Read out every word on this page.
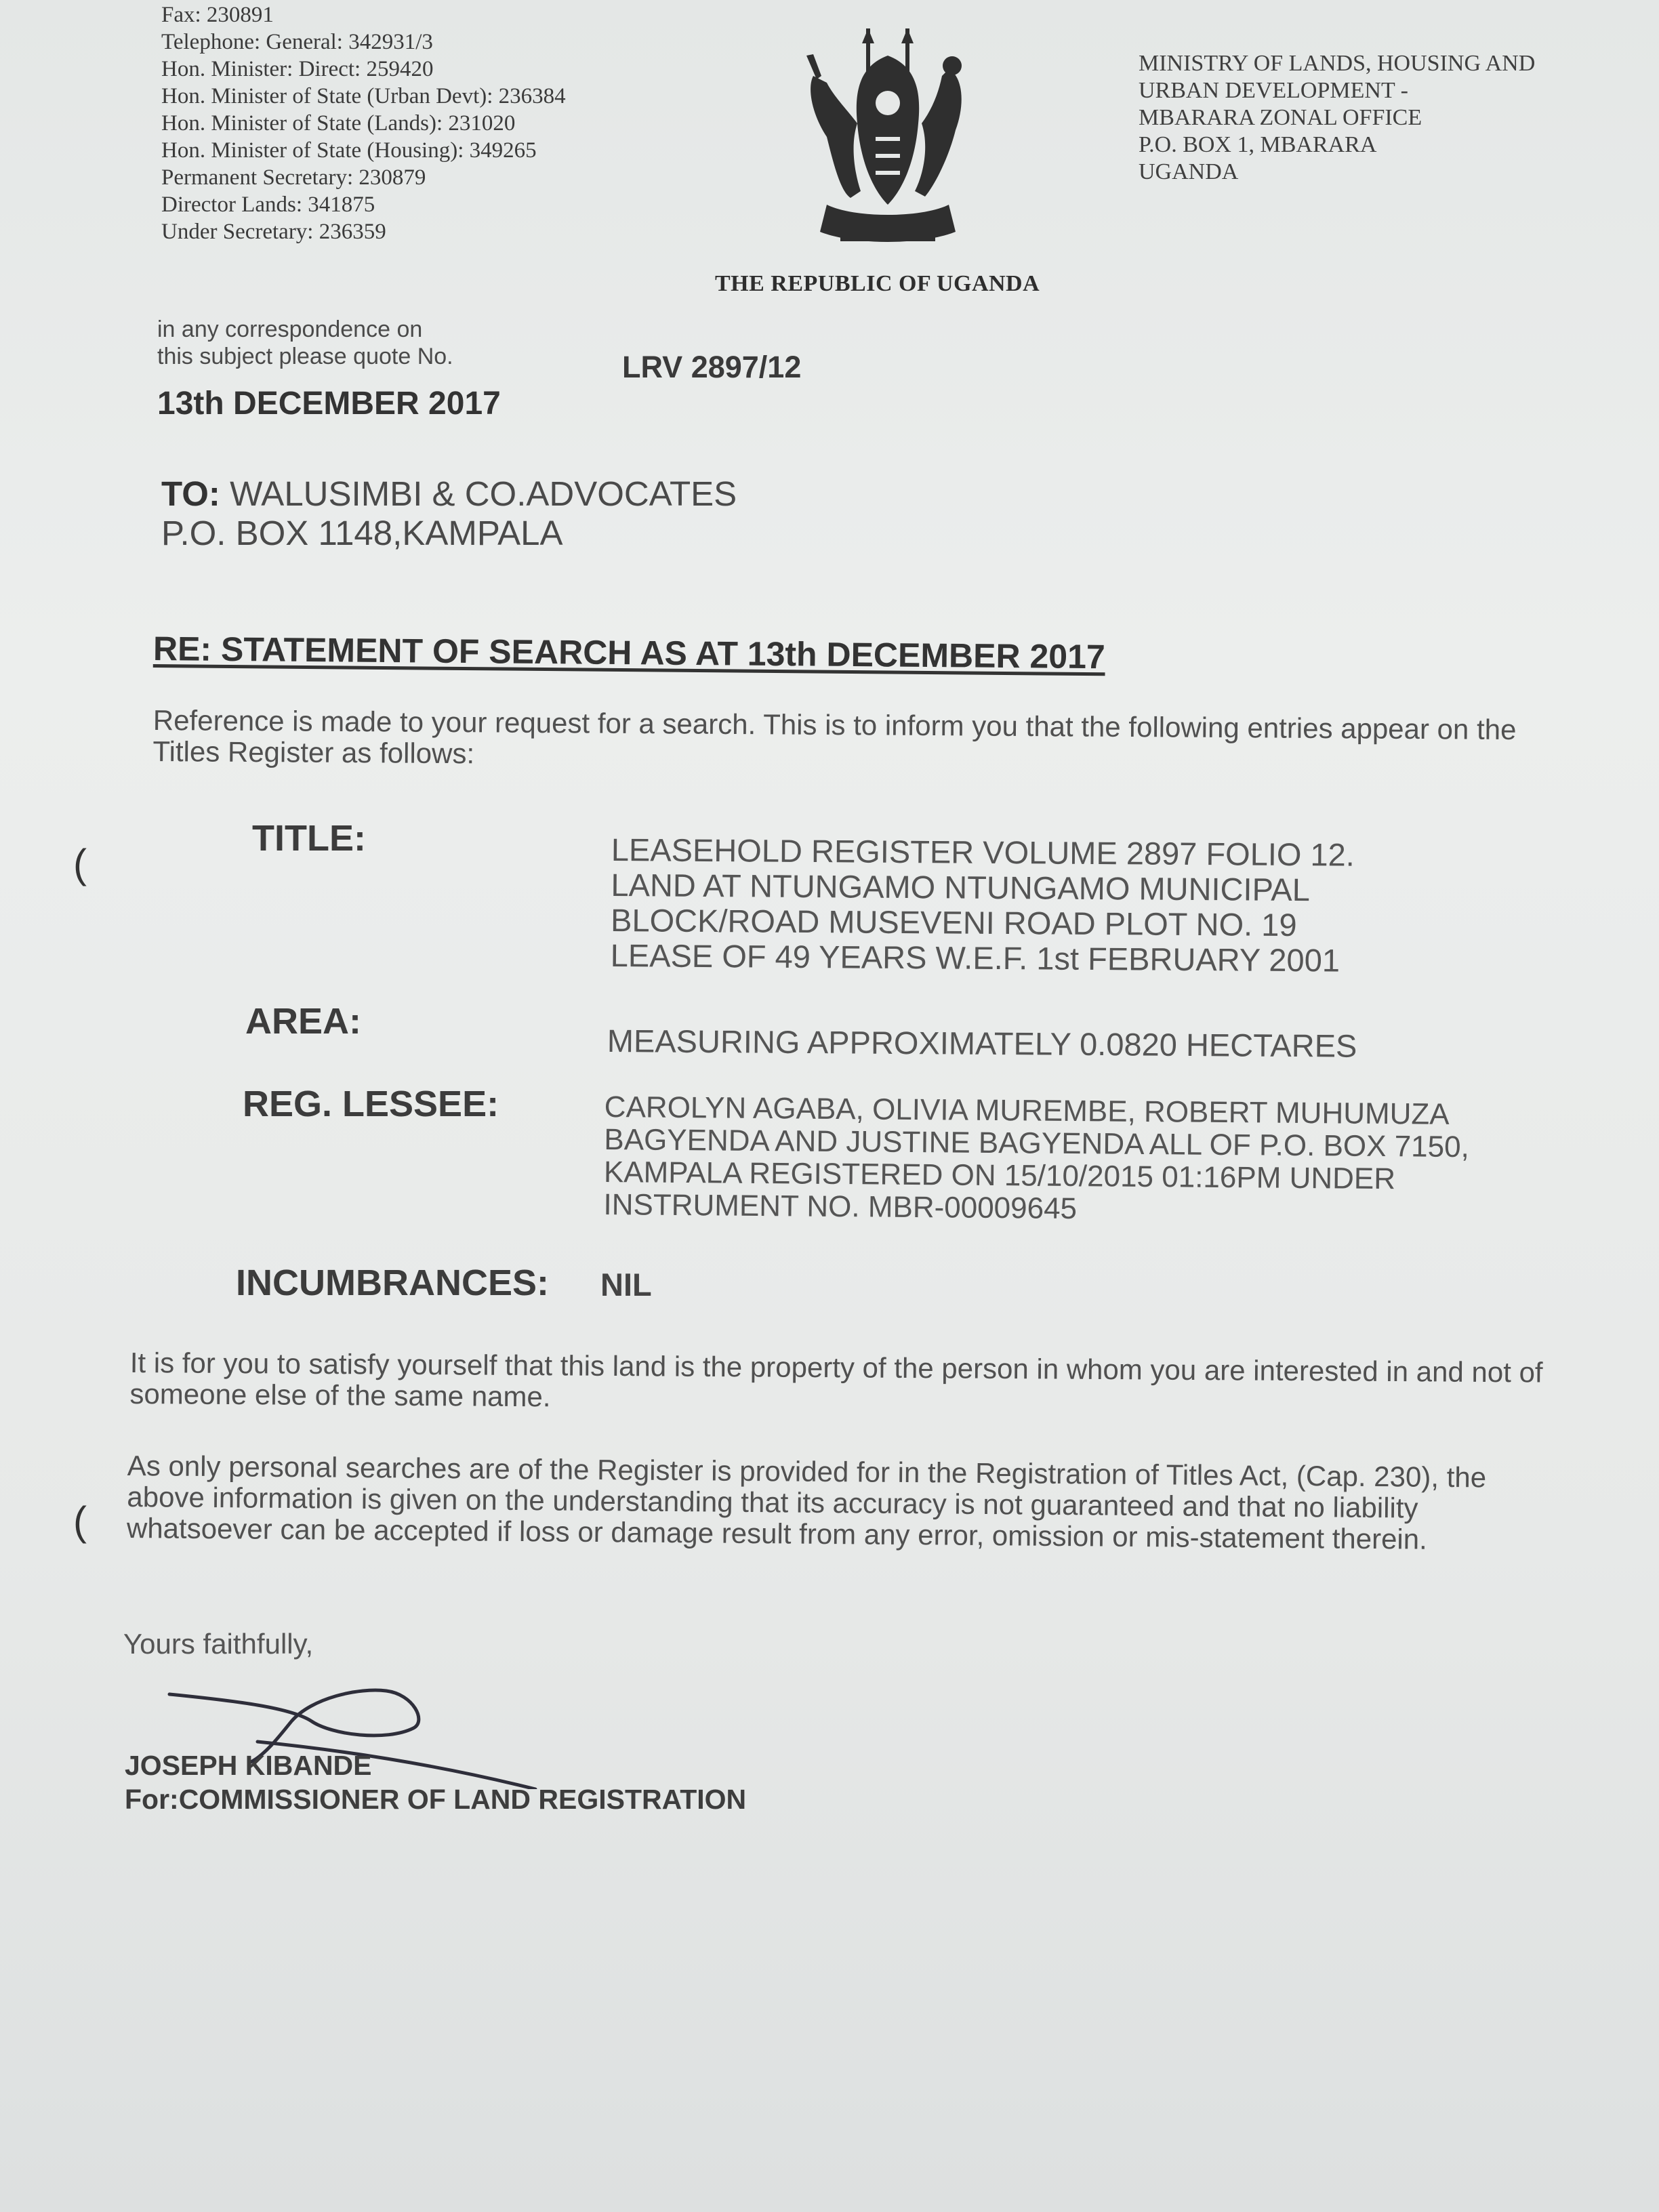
Fax: 230891
Telephone: General: 342931/3
Hon. Minister: Direct: 259420
Hon. Minister of State (Urban Devt): 236384
Hon. Minister of State (Lands): 231020
Hon. Minister of State (Housing): 349265
Permanent Secretary: 230879
Director Lands: 341875
Under Secretary: 236359
MINISTRY OF LANDS, HOUSING AND
URBAN DEVELOPMENT -
MBARARA ZONAL OFFICE
P.O. BOX 1, MBARARA
UGANDA
THE REPUBLIC OF UGANDA
in any correspondence on
this subject please quote No.	LRV 2897/12
13th DECEMBER 2017
TO: WALUSIMBI & CO.ADVOCATES
P.O. BOX 1148,KAMPALA
RE: STATEMENT OF SEARCH AS AT 13th DECEMBER 2017
Reference is made to your request for a search. This is to inform you that the following entries appear on the Titles Register as follows:
TITLE:	LEASEHOLD REGISTER VOLUME 2897 FOLIO 12.
LAND AT NTUNGAMO NTUNGAMO MUNICIPAL
BLOCK/ROAD MUSEVENI ROAD PLOT NO. 19
LEASE OF 49 YEARS W.E.F. 1st FEBRUARY 2001
AREA:
MEASURING APPROXIMATELY 0.0820 HECTARES
REG. LESSEE:	CAROLYN AGABA, OLIVIA MUREMBE, ROBERT MUHUMUZA
BAGYENDA AND JUSTINE BAGYENDA ALL OF P.O. BOX 7150,
KAMPALA REGISTERED ON 15/10/2015 01:16PM UNDER
INSTRUMENT NO. MBR-00009645
INCUMBRANCES: NIL
It is for you to satisfy yourself that this land is the property of the person in whom you are interested in and not of someone else of the same name.
As only personal searches are of the Register is provided for in the Registration of Titles Act, (Cap. 230), the above information is given on the understanding that its accuracy is not guaranteed and that no liability whatsoever can be accepted if loss or damage result from any error, omission or mis-statement therein.
Yours faithfully,
JOSEPH KIBANDE
For:COMMISSIONER OF LAND REGISTRATION
(
(
